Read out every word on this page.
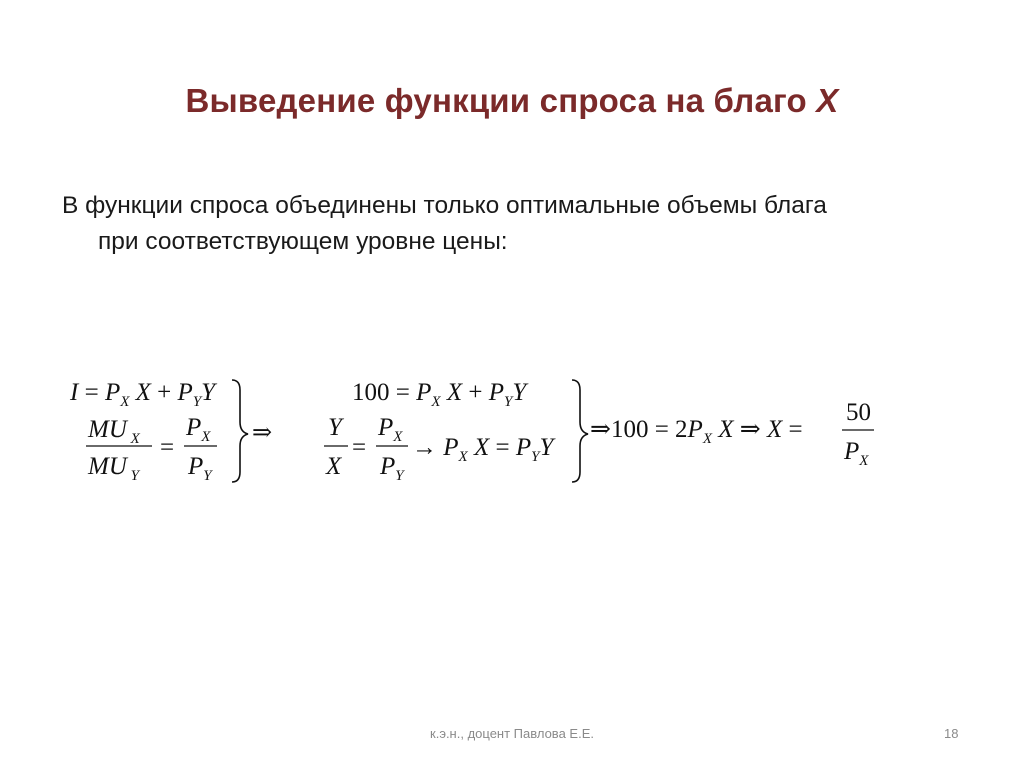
Выведение функции спроса на благо X
В функции спроса объединены только оптимальные объемы блага
при соответствующем уровне цены:
$I = P_X$ $X + P_YY$
MU $_X$
MU $_Y$
=
$P_X$
$P_Y$
⇒
$100 = P_X$ $X + P_YY$
Y
X
=
$P_X$
$P_Y$
→ $P_X$ $X = P_YY$
⇒100 = $2P_X$ X ⇒ X =
50
$P_X$
к.э.н., доцент Павлова Е.Е.	18
